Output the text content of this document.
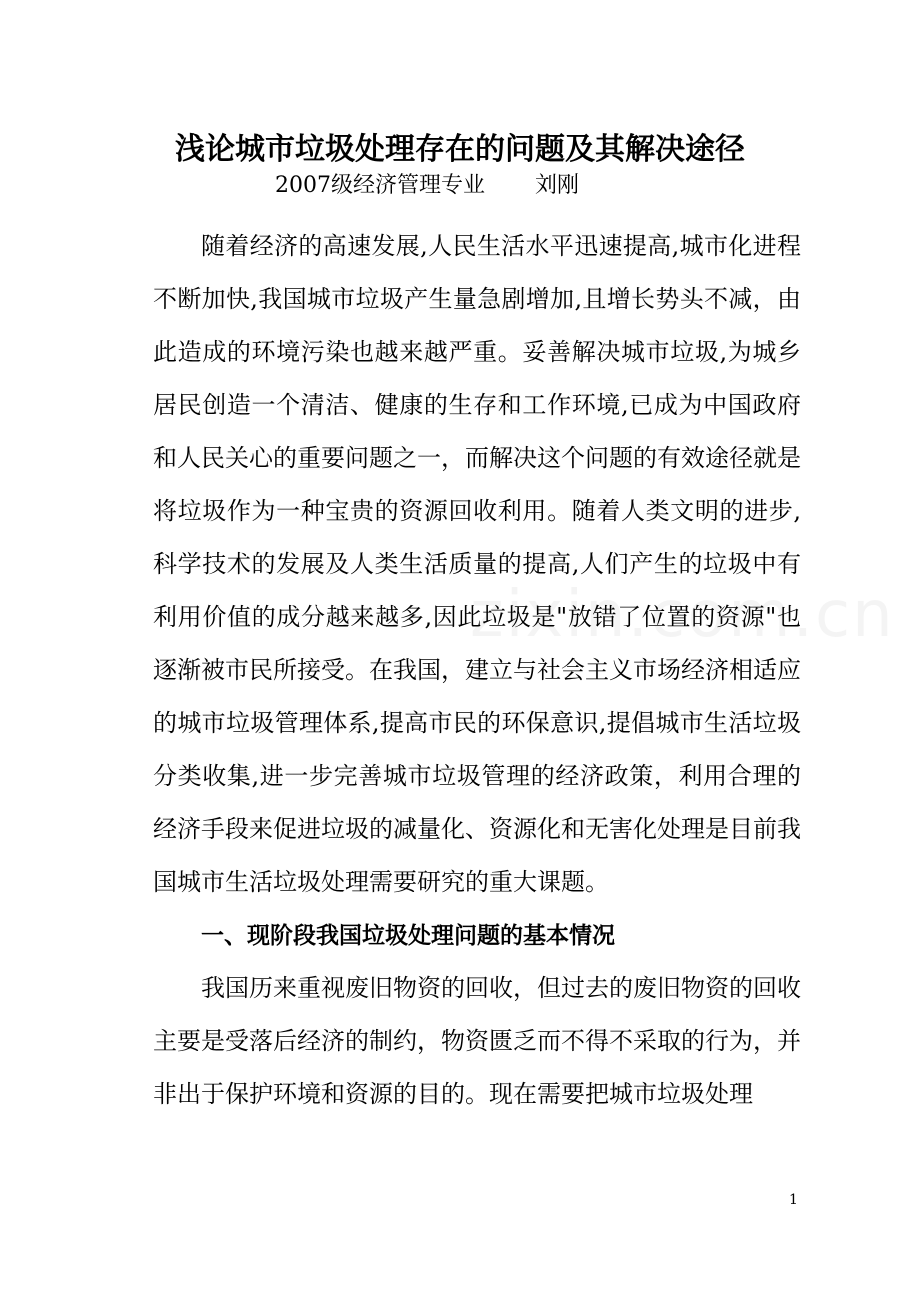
浅论城市垃圾处理存在的问题及其解决途径
2007级经济管理专业 刘刚

随着经济的高速发展,人民生活水平迅速提高,城市化进程不断加快,我国城市垃圾产生量急剧增加,且增长势头不减，由此造成的环境污染也越来越严重。妥善解决城市垃圾,为城乡居民创造一个清洁、健康的生存和工作环境,已成为中国政府和人民关心的重要问题之一，而解决这个问题的有效途径就是将垃圾作为一种宝贵的资源回收利用。随着人类文明的进步,科学技术的发展及人类生活质量的提高,人们产生的垃圾中有利用价值的成分越来越多,因此垃圾是"放错了位置的资源"也逐渐被市民所接受。在我国，建立与社会主义市场经济相适应的城市垃圾管理体系,提高市民的环保意识,提倡城市生活垃圾分类收集,进一步完善城市垃圾管理的经济政策，利用合理的经济手段来促进垃圾的减量化、资源化和无害化处理是目前我国城市生活垃圾处理需要研究的重大课题。

一、现阶段我国垃圾处理问题的基本情况

我国历来重视废旧物资的回收，但过去的废旧物资的回收主要是受落后经济的制约，物资匮乏而不得不采取的行为，并非出于保护环境和资源的目的。现在需要把城市垃圾处理

1
